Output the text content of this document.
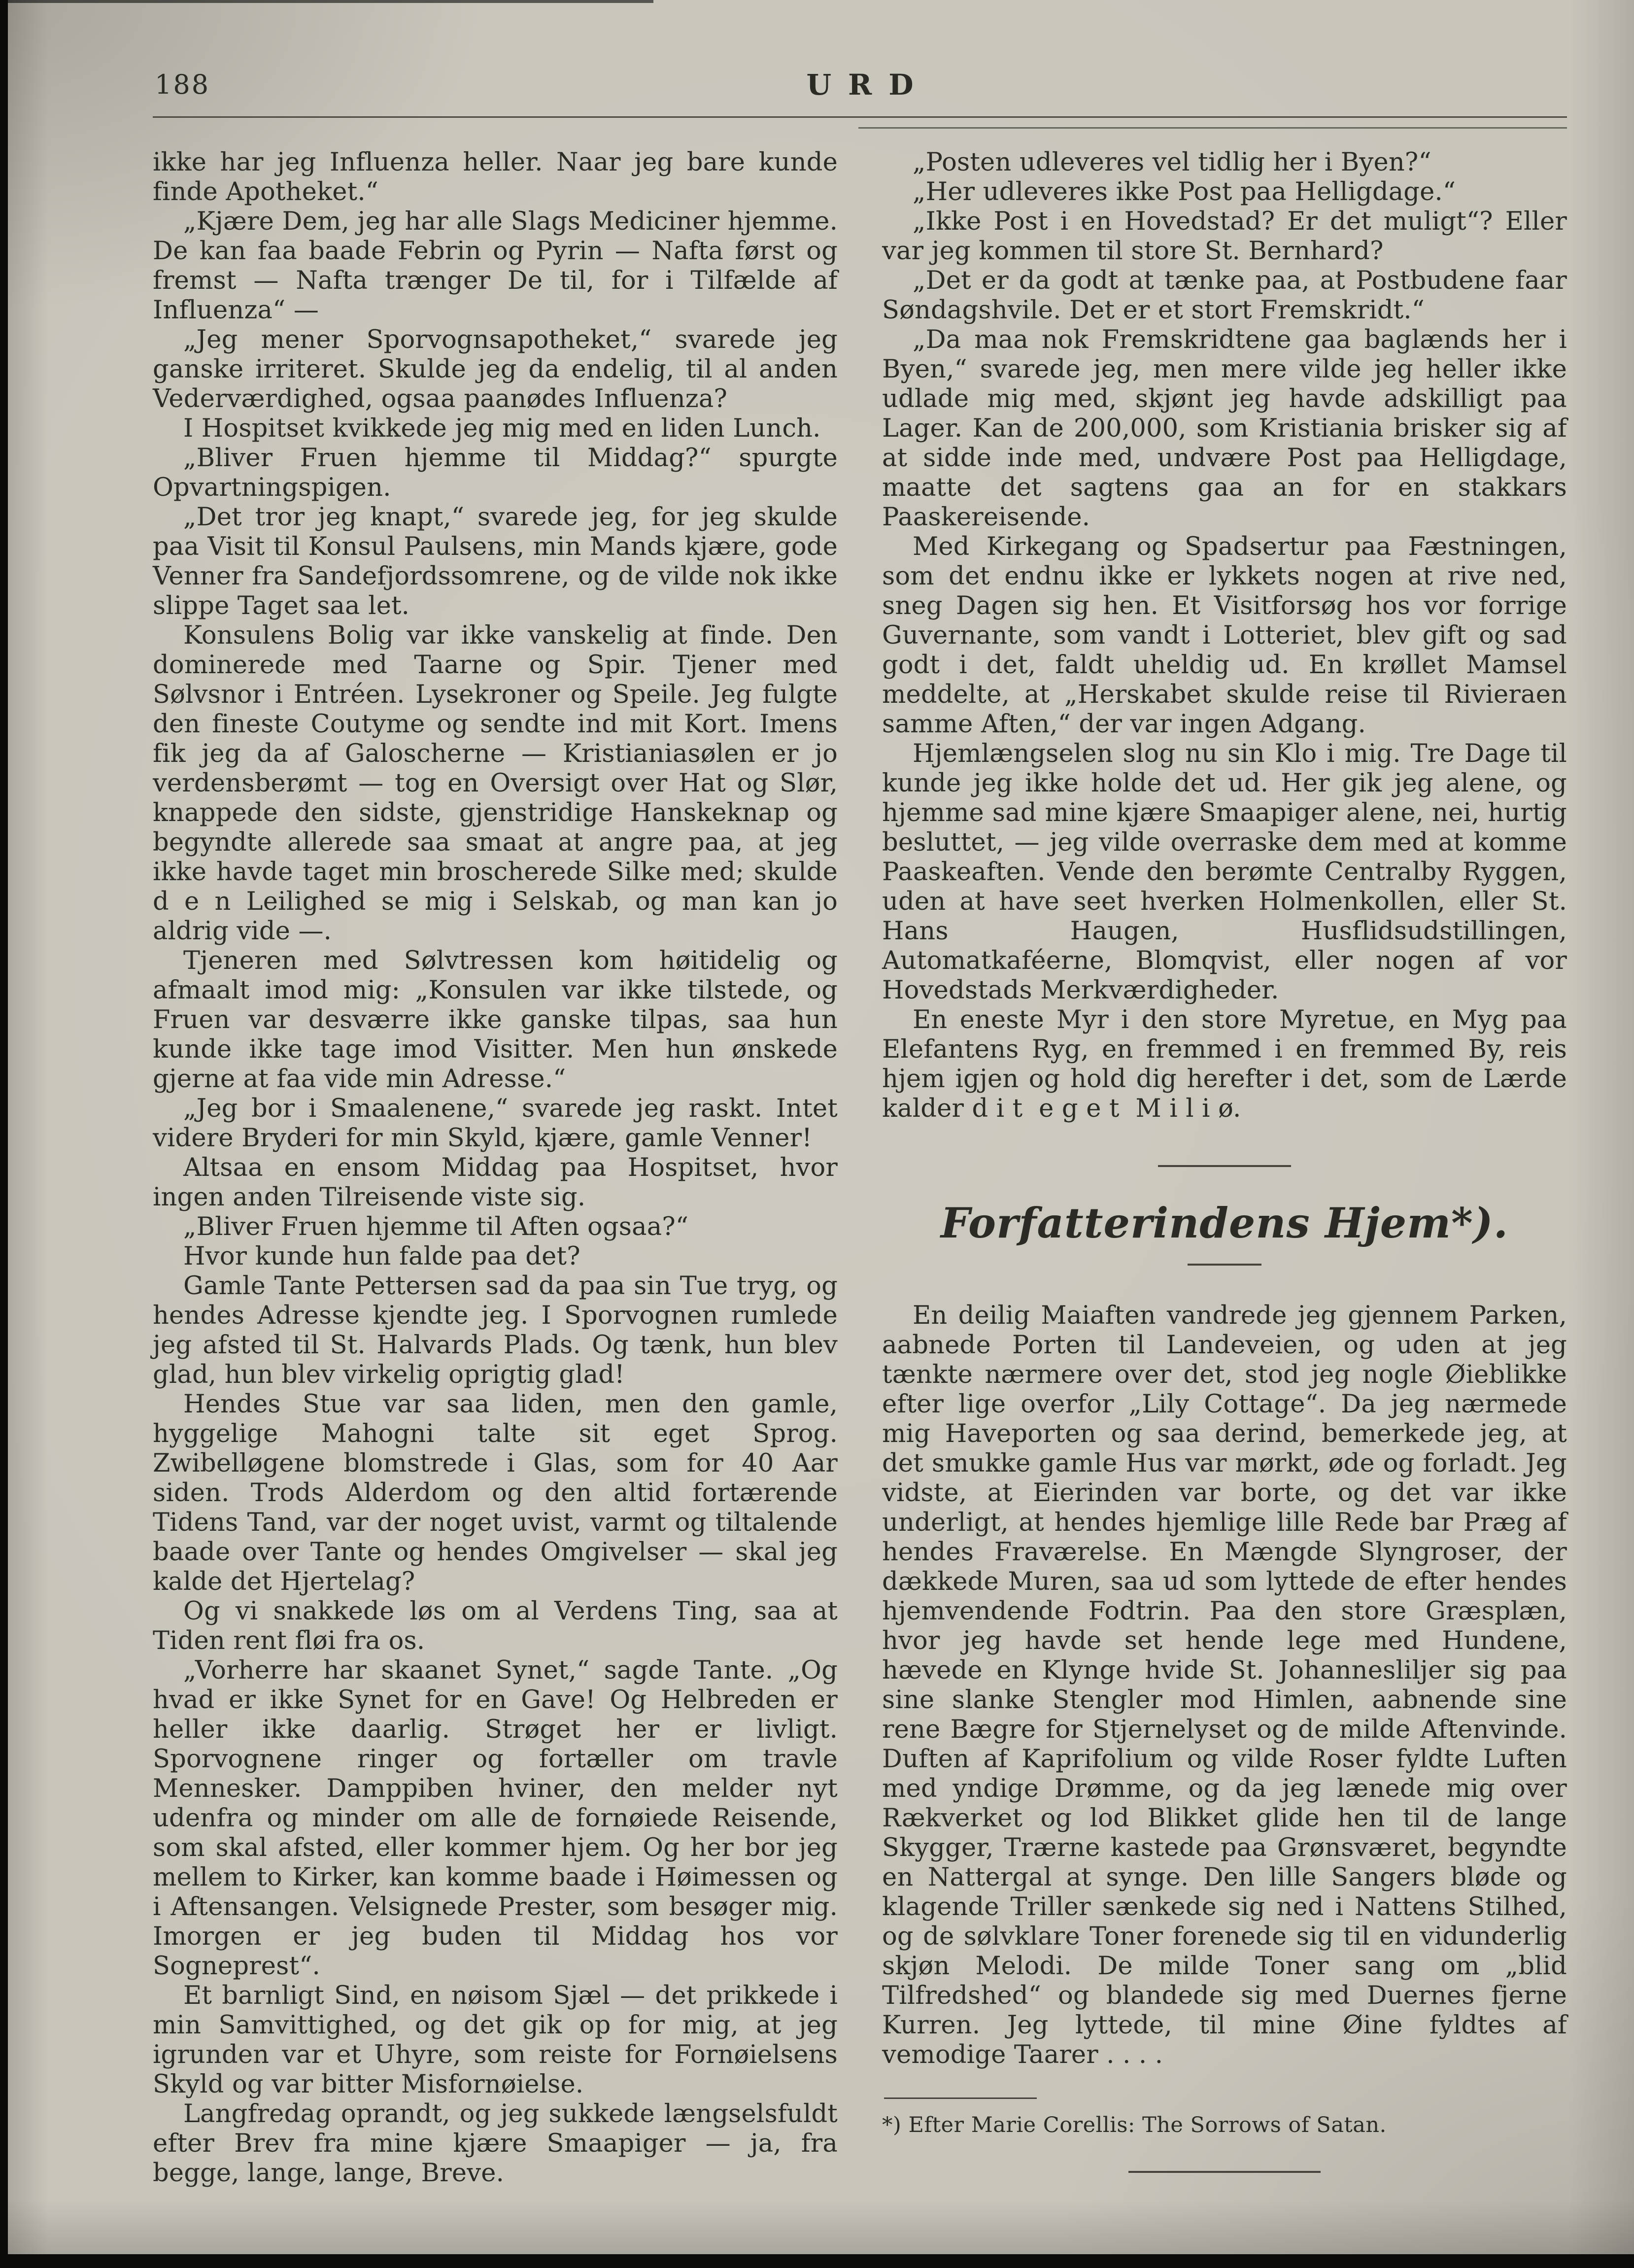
188	URD

ikke har jeg Influenza heller. Naar jeg bare kunde finde Apotheket.“

„Kjære Dem, jeg har alle Slags Mediciner hjemme. De kan faa baade Febrin og Pyrin — Nafta først og fremst — Nafta trænger De til, for i Tilfælde af Influenza“ —

„Jeg mener Sporvognsapotheket,“ svarede jeg ganske irriteret. Skulde jeg da endelig, til al anden Vederværdighed, ogsaa paanødes Influenza?

I Hospitset kvikkede jeg mig med en liden Lunch.

„Bliver Fruen hjemme til Middag?“ spurgte Opvartningspigen.

„Det tror jeg knapt,“ svarede jeg, for jeg skulde paa Visit til Konsul Paulsens, min Mands kjære, gode Venner fra Sandefjordssomrene, og de vilde nok ikke slippe Taget saa let.

Konsulens Bolig var ikke vanskelig at finde. Den dominerede med Taarne og Spir. Tjener med Sølvsnor i Entréen. Lysekroner og Speile. Jeg fulgte den fineste Coutyme og sendte ind mit Kort. Imens fik jeg da af Galoscherne — Kristianiasølen er jo verdensberømt — tog en Oversigt over Hat og Slør, knappede den sidste, gjenstridige Hanskeknap og begyndte allerede saa smaat at angre paa, at jeg ikke havde taget min broscherede Silke med; skulde d e n Leilighed se mig i Selskab, og man kan jo aldrig vide —.

Tjeneren med Sølvtressen kom høitidelig og afmaalt imod mig: „Konsulen var ikke tilstede, og Fruen var desværre ikke ganske tilpas, saa hun kunde ikke tage imod Visitter. Men hun ønskede gjerne at faa vide min Adresse.“

„Jeg bor i Smaalenene,“ svarede jeg raskt. Intet videre Bryderi for min Skyld, kjære, gamle Venner!

Altsaa en ensom Middag paa Hospitset, hvor ingen anden Tilreisende viste sig.

„Bliver Fruen hjemme til Aften ogsaa?“

Hvor kunde hun falde paa det?

Gamle Tante Pettersen sad da paa sin Tue tryg, og hendes Adresse kjendte jeg. I Sporvognen rumlede jeg afsted til St. Halvards Plads. Og tænk, hun blev glad, hun blev virkelig oprigtig glad!

Hendes Stue var saa liden, men den gamle, hyggelige Mahogni talte sit eget Sprog. Zwibelløgene blomstrede i Glas, som for 40 Aar siden. Trods Alderdom og den altid fortærende Tidens Tand, var der noget uvist, varmt og tiltalende baade over Tante og hendes Omgivelser — skal jeg kalde det Hjertelag?

Og vi snakkede løs om al Verdens Ting, saa at Tiden rent fløi fra os.

„Vorherre har skaanet Synet,“ sagde Tante. „Og hvad er ikke Synet for en Gave! Og Helbreden er heller ikke daarlig. Strøget her er livligt. Sporvognene ringer og fortæller om travle Mennesker. Damppiben hviner, den melder nyt udenfra og minder om alle de fornøiede Reisende, som skal afsted, eller kommer hjem. Og her bor jeg mellem to Kirker, kan komme baade i Høimessen og i Aftensangen. Velsignede Prester, som besøger mig. Imorgen er jeg buden til Middag hos vor Sogneprest“.

Et barnligt Sind, en nøisom Sjæl — det prikkede i min Samvittighed, og det gik op for mig, at jeg igrunden var et Uhyre, som reiste for Fornøielsens Skyld og var bitter Misfornøielse.

Langfredag oprandt, og jeg sukkede længselsfuldt efter Brev fra mine kjære Smaapiger — ja, fra begge, lange, lange, Breve.

„Posten udleveres vel tidlig her i Byen?“

„Her udleveres ikke Post paa Helligdage.“

„Ikke Post i en Hovedstad? Er det muligt“? Eller var jeg kommen til store St. Bernhard?

„Det er da godt at tænke paa, at Postbudene faar Søndagshvile. Det er et stort Fremskridt.“

„Da maa nok Fremskridtene gaa baglænds her i Byen,“ svarede jeg, men mere vilde jeg heller ikke udlade mig med, skjønt jeg havde adskilligt paa Lager. Kan de 200,000, som Kristiania brisker sig af at sidde inde med, undvære Post paa Helligdage, maatte det sagtens gaa an for en stakkars Paaskereisende.

Med Kirkegang og Spadsertur paa Fæstningen, som det endnu ikke er lykkets nogen at rive ned, sneg Dagen sig hen. Et Visitforsøg hos vor forrige Guvernante, som vandt i Lotteriet, blev gift og sad godt i det, faldt uheldig ud. En krøllet Mamsel meddelte, at „Herskabet skulde reise til Rivieraen samme Aften,“ der var ingen Adgang.

Hjemlængselen slog nu sin Klo i mig. Tre Dage til kunde jeg ikke holde det ud. Her gik jeg alene, og hjemme sad mine kjære Smaapiger alene, nei, hurtig besluttet, — jeg vilde overraske dem med at komme Paaskeaften. Vende den berømte Centralby Ryggen, uden at have seet hverken Holmenkollen, eller St. Hans Haugen, Husflidsudstillingen, Automatkaféerne, Blomqvist, eller nogen af vor Hovedstads Merkværdigheder.

En eneste Myr i den store Myretue, en Myg paa Elefantens Ryg, en fremmed i en fremmed By, reis hjem igjen og hold dig herefter i det, som de Lærde kalder d i t  e g e t  M i l i ø.

Forfatterindens Hjem*).

En deilig Maiaften vandrede jeg gjennem Parken, aabnede Porten til Landeveien, og uden at jeg tænkte nærmere over det, stod jeg nogle Øieblikke efter lige overfor „Lily Cottage“. Da jeg nærmede mig Haveporten og saa derind, bemerkede jeg, at det smukke gamle Hus var mørkt, øde og forladt. Jeg vidste, at Eierinden var borte, og det var ikke underligt, at hendes hjemlige lille Rede bar Præg af hendes Fraværelse. En Mængde Slyngroser, der dækkede Muren, saa ud som lyttede de efter hendes hjemvendende Fodtrin. Paa den store Græsplæn, hvor jeg havde set hende lege med Hundene, hævede en Klynge hvide St. Johannesliljer sig paa sine slanke Stengler mod Himlen, aabnende sine rene Bægre for Stjernelyset og de milde Aftenvinde. Duften af Kaprifolium og vilde Roser fyldte Luften med yndige Drømme, og da jeg lænede mig over Rækverket og lod Blikket glide hen til de lange Skygger, Trærne kastede paa Grønsværet, begyndte en Nattergal at synge. Den lille Sangers bløde og klagende Triller sænkede sig ned i Nattens Stilhed, og de sølvklare Toner forenede sig til en vidunderlig skjøn Melodi. De milde Toner sang om „blid Tilfredshed“ og blandede sig med Duernes fjerne Kurren. Jeg lyttede, til mine Øine fyldtes af vemodige Taarer . . . .

*) Efter Marie Corellis: The Sorrows of Satan.
